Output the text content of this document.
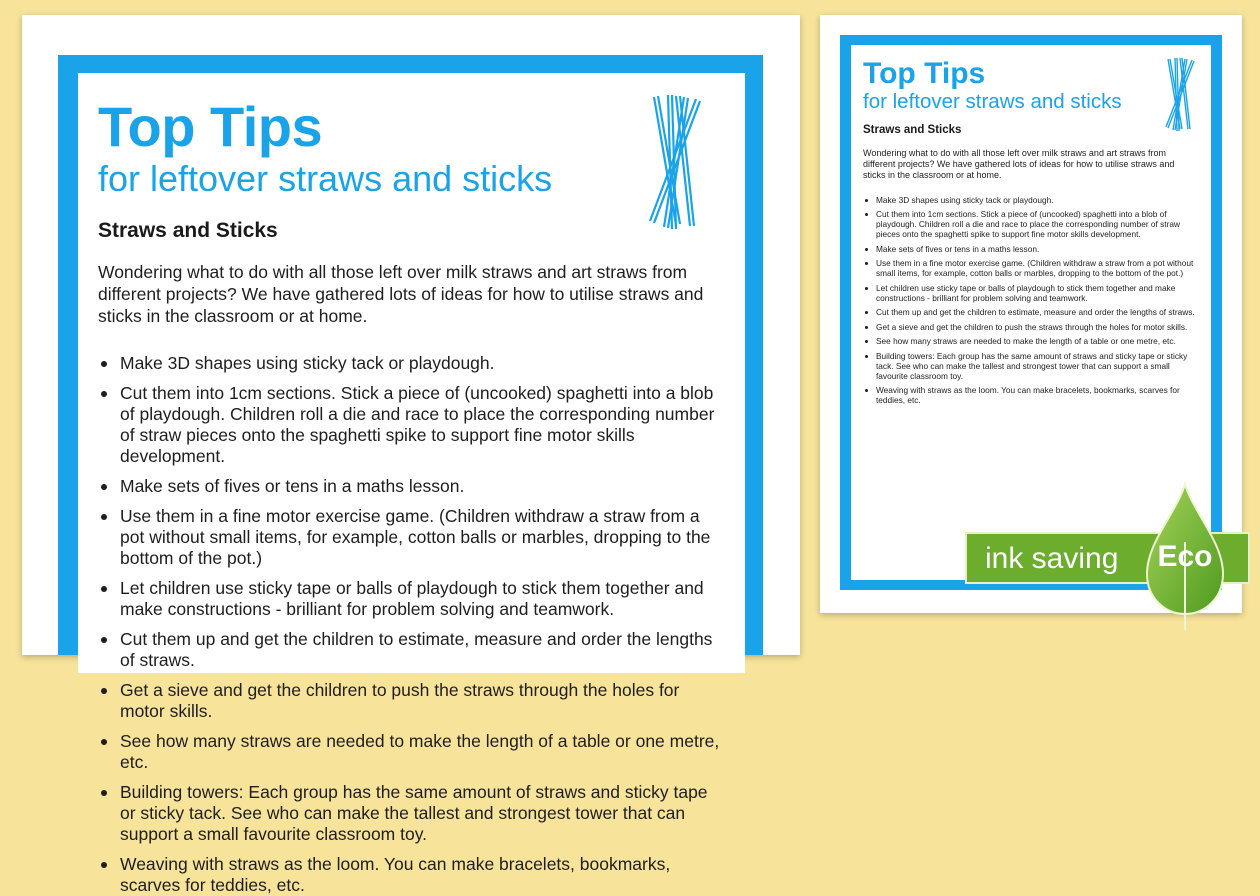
Top Tips

for leftover straws and sticks

Straws and Sticks

Wondering what to do with all those left over milk straws and art straws from different projects? We have gathered lots of ideas for how to utilise straws and sticks in the classroom or at home.

Make 3D shapes using sticky tack or playdough.
Cut them into 1cm sections. Stick a piece of (uncooked) spaghetti into a blob of playdough. Children roll a die and race to place the corresponding number of straw pieces onto the spaghetti spike to support fine motor skills development.
Make sets of fives or tens in a maths lesson.
Use them in a fine motor exercise game. (Children withdraw a straw from a pot without small items, for example, cotton balls or marbles, dropping to the bottom of the pot.)
Let children use sticky tape or balls of playdough to stick them together and make constructions - brilliant for problem solving and teamwork.
Cut them up and get the children to estimate, measure and order the lengths of straws.
Get a sieve and get the children to push the straws through the holes for motor skills.
See how many straws are needed to make the length of a table or one metre, etc.
Building towers: Each group has the same amount of straws and sticky tape or sticky tack. See who can make the tallest and strongest tower that can support a small favourite classroom toy.
Weaving with straws as the loom. You can make bracelets, bookmarks, scarves for teddies, etc.
Top Tips

for leftover straws and sticks

Straws and Sticks

Wondering what to do with all those left over milk straws and art straws from different projects? We have gathered lots of ideas for how to utilise straws and sticks in the classroom or at home.

Make 3D shapes using sticky tack or playdough.
Cut them into 1cm sections. Stick a piece of (uncooked) spaghetti into a blob of playdough. Children roll a die and race to place the corresponding number of straw pieces onto the spaghetti spike to support fine motor skills development.
Make sets of fives or tens in a maths lesson.
Use them in a fine motor exercise game. (Children withdraw a straw from a pot without small items, for example, cotton balls or marbles, dropping to the bottom of the pot.)
Let children use sticky tape or balls of playdough to stick them together and make constructions - brilliant for problem solving and teamwork.
Cut them up and get the children to estimate, measure and order the lengths of straws.
Get a sieve and get the children to push the straws through the holes for motor skills.
See how many straws are needed to make the length of a table or one metre, etc.
Building towers: Each group has the same amount of straws and sticky tape or sticky tack. See who can make the tallest and strongest tower that can support a small favourite classroom toy.
Weaving with straws as the loom. You can make bracelets, bookmarks, scarves for teddies, etc.
ink saving Eco
